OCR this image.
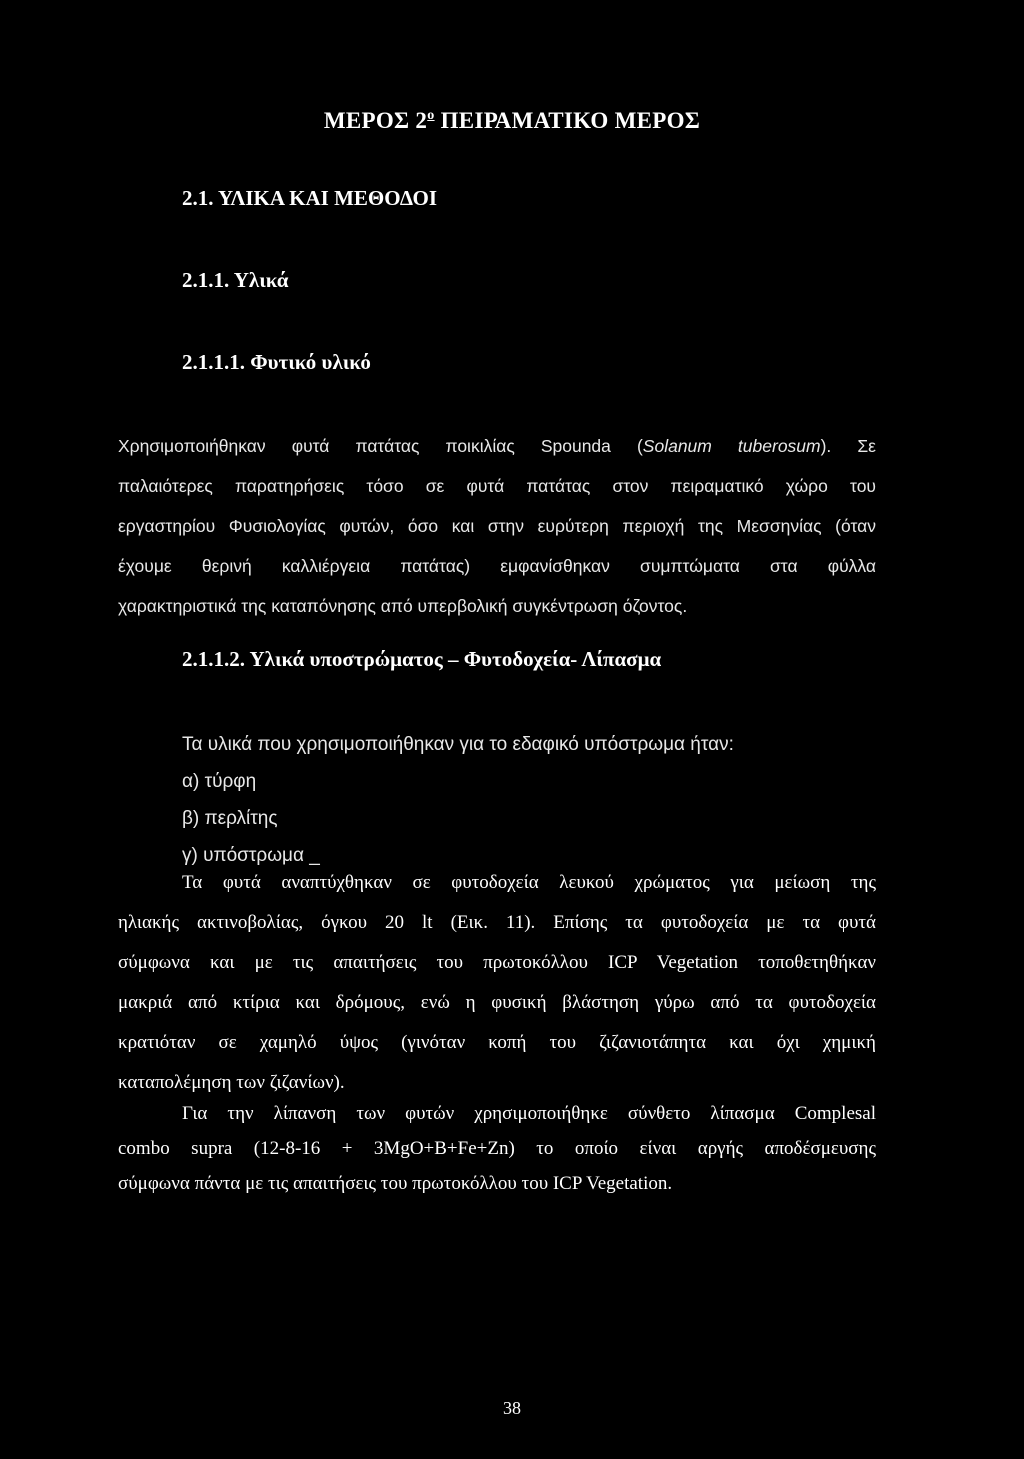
ΜΕΡΟΣ $2^o$ ΠΕΙΡΑΜΑΤΙΚΟ ΜΕΡΟΣ
2.1. ΥΛΙΚΑ ΚΑΙ ΜΕΘΟΔΟΙ
2.1.1. Υλικά
2.1.1.1. Φυτικό υλικό
Χρησιμοποιήθηκαν φυτά πατάτας ποικιλίας Spounda (Solanum tuberosum). Σε
παλαιότερες παρατηρήσεις τόσο σε φυτά πατάτας στον πειραματικό χώρο του
εργαστηρίου Φυσιολογίας φυτών, όσο και στην ευρύτερη περιοχή της Μεσσηνίας (όταν
έχουμε θερινή καλλιέργεια πατάτας) εμφανίσθηκαν συμπτώματα στα φύλλα
χαρακτηριστικά της καταπόνησης από υπερβολική συγκέντρωση όζοντος.
2.1.1.2. Υλικά υποστρώματος – Φυτοδοχεία- Λίπασμα
Τα υλικά που χρησιμοποιήθηκαν για το εδαφικό υπόστρωμα ήταν:
α) τύρφη
β) περλίτης
γ) υπόστρωμα _
Τα φυτά αναπτύχθηκαν σε φυτοδοχεία λευκού χρώματος για μείωση της
ηλιακής ακτινοβολίας, όγκου 20 lt (Εικ. 11). Επίσης τα φυτοδοχεία με τα φυτά
σύμφωνα και με τις απαιτήσεις του πρωτοκόλλου ICP Vegetation τοποθετηθήκαν
μακριά από κτίρια και δρόμους, ενώ η φυσική βλάστηση γύρω από τα φυτοδοχεία
κρατιόταν σε χαμηλό ύψος (γινόταν κοπή του ζιζανιοτάπητα και όχι χημική
καταπολέμηση των ζιζανίων).
Για την λίπανση των φυτών χρησιμοποιήθηκε σύνθετο λίπασμα Complesal
combo supra (12-8-16 + 3MgO+B+Fe+Zn) το οποίο είναι αργής αποδέσμευσης
σύμφωνα πάντα με τις απαιτήσεις του πρωτοκόλλου του ICP Vegetation.

38
